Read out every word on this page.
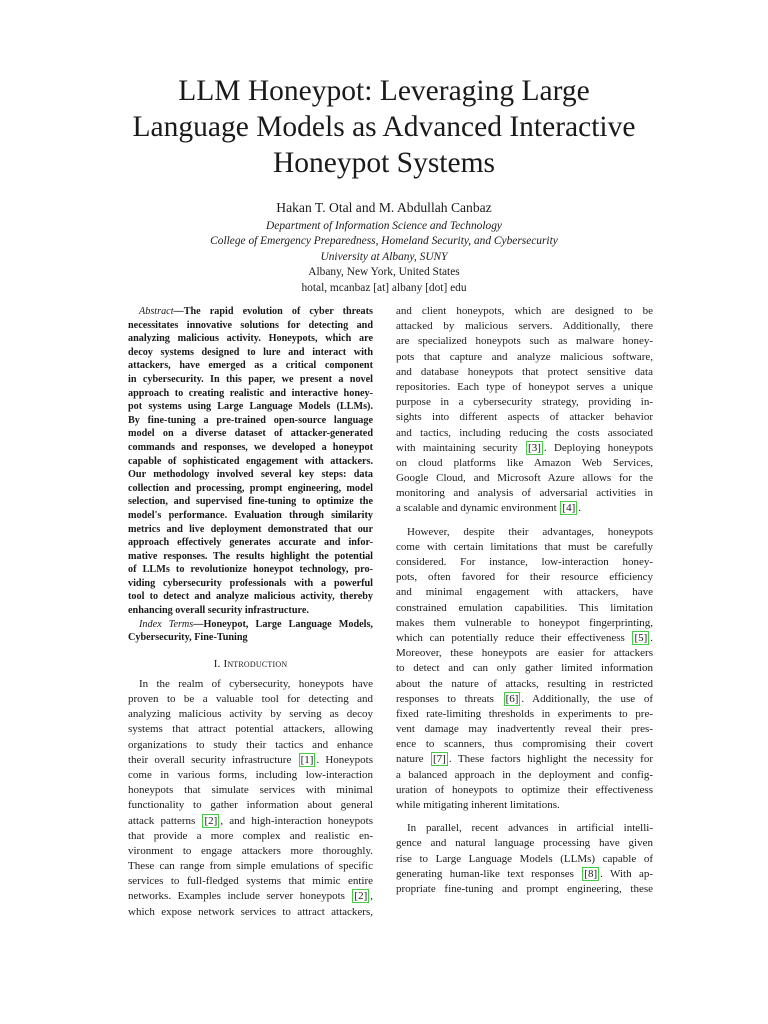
LLM Honeypot: Leveraging Large
Language Models as Advanced Interactive
Honeypot Systems
Hakan T. Otal and M. Abdullah Canbaz
Department of Information Science and Technology
College of Emergency Preparedness, Homeland Security, and Cybersecurity
University at Albany, SUNY
Albany, New York, United States
hotal, mcanbaz [at] albany [dot] edu
Abstract—The rapid evolution of cyber threats
necessitates innovative solutions for detecting and
analyzing malicious activity. Honeypots, which are
decoy systems designed to lure and interact with
attackers, have emerged as a critical component
in cybersecurity. In this paper, we present a novel
approach to creating realistic and interactive honey-
pot systems using Large Language Models (LLMs).
By fine-tuning a pre-trained open-source language
model on a diverse dataset of attacker-generated
commands and responses, we developed a honeypot
capable of sophisticated engagement with attackers.
Our methodology involved several key steps: data
collection and processing, prompt engineering, model
selection, and supervised fine-tuning to optimize the
model's performance. Evaluation through similarity
metrics and live deployment demonstrated that our
approach effectively generates accurate and infor-
mative responses. The results highlight the potential
of LLMs to revolutionize honeypot technology, pro-
viding cybersecurity professionals with a powerful
tool to detect and analyze malicious activity, thereby
enhancing overall security infrastructure.
Index Terms—Honeypot, Large Language Models,
Cybersecurity, Fine-Tuning
I. Introduction
In the realm of cybersecurity, honeypots have
proven to be a valuable tool for detecting and
analyzing malicious activity by serving as decoy
systems that attract potential attackers, allowing
organizations to study their tactics and enhance
their overall security infrastructure [1] . Honeypots
come in various forms, including low-interaction
honeypots that simulate services with minimal
functionality to gather information about general
attack patterns [2] , and high-interaction honeypots
that provide a more complex and realistic en-
vironment to engage attackers more thoroughly.
These can range from simple emulations of specific
services to full-fledged systems that mimic entire
networks. Examples include server honeypots [2] ,
which expose network services to attract attackers,
and client honeypots, which are designed to be
attacked by malicious servers. Additionally, there
are specialized honeypots such as malware honey-
pots that capture and analyze malicious software,
and database honeypots that protect sensitive data
repositories. Each type of honeypot serves a unique
purpose in a cybersecurity strategy, providing in-
sights into different aspects of attacker behavior
and tactics, including reducing the costs associated
with maintaining security [3] . Deploying honeypots
on cloud platforms like Amazon Web Services,
Google Cloud, and Microsoft Azure allows for the
monitoring and analysis of adversarial activities in
a scalable and dynamic environment [4] .
However, despite their advantages, honeypots
come with certain limitations that must be carefully
considered. For instance, low-interaction honey-
pots, often favored for their resource efficiency
and minimal engagement with attackers, have
constrained emulation capabilities. This limitation
makes them vulnerable to honeypot fingerprinting,
which can potentially reduce their effectiveness [5] .
Moreover, these honeypots are easier for attackers
to detect and can only gather limited information
about the nature of attacks, resulting in restricted
responses to threats [6] . Additionally, the use of
fixed rate-limiting thresholds in experiments to pre-
vent damage may inadvertently reveal their pres-
ence to scanners, thus compromising their covert
nature [7] . These factors highlight the necessity for
a balanced approach in the deployment and config-
uration of honeypots to optimize their effectiveness
while mitigating inherent limitations.
In parallel, recent advances in artificial intelli-
gence and natural language processing have given
rise to Large Language Models (LLMs) capable of
generating human-like text responses [8] . With ap-
propriate fine-tuning and prompt engineering, these
